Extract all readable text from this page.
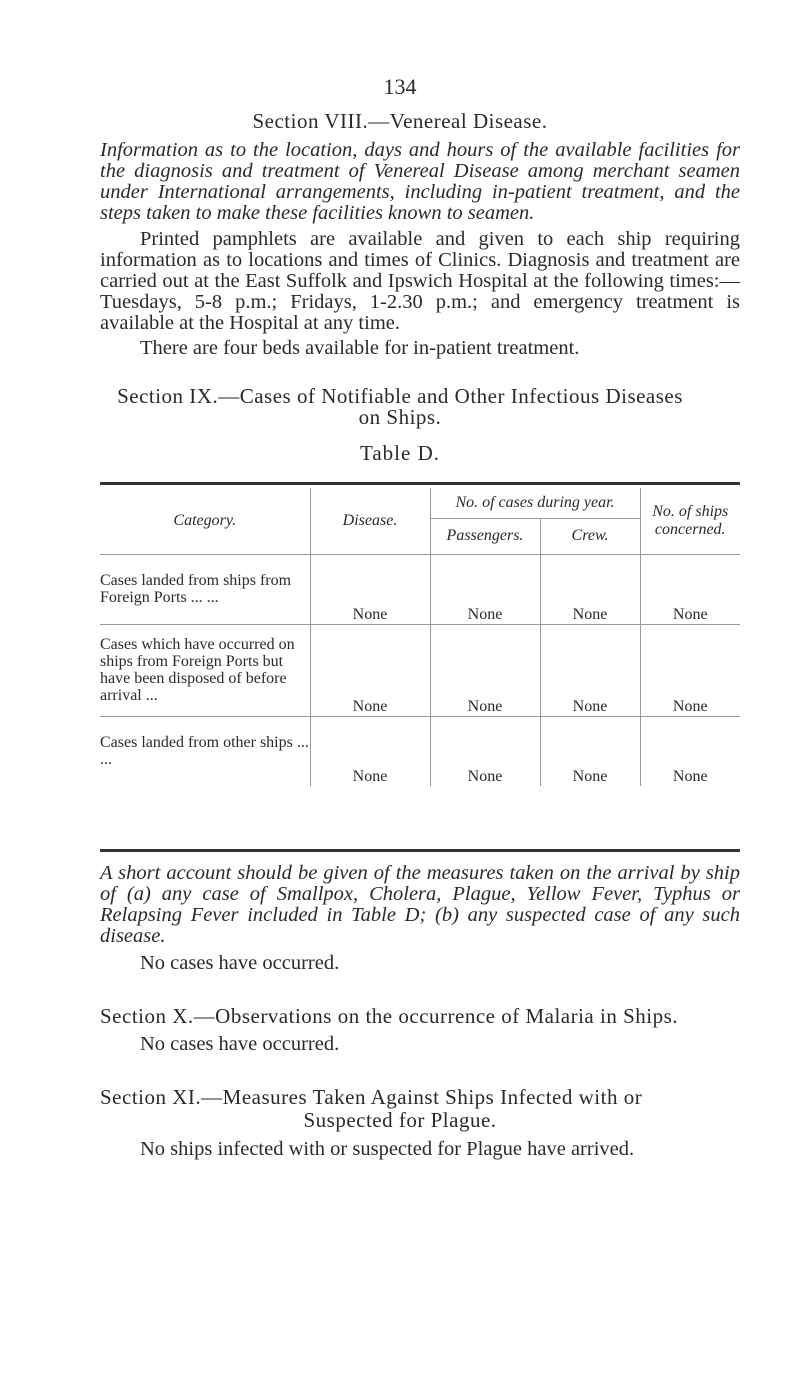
134
Section VIII.—Venereal Disease.
Information as to the location, days and hours of the available facilities for the diagnosis and treatment of Venereal Disease among merchant seamen under International arrangements, including in-patient treatment, and the steps taken to make these facilities known to seamen.
Printed pamphlets are available and given to each ship requiring information as to locations and times of Clinics. Diagnosis and treatment are carried out at the East Suffolk and Ipswich Hospital at the following times:—Tuesdays, 5-8 p.m.; Fridays, 1-2.30 p.m.; and emergency treatment is available at the Hospital at any time.
There are four beds available for in-patient treatment.
Section IX.—Cases of Notifiable and Other Infectious Diseases
on Ships.
Table D.
Category.	Disease.	No. of cases during year.		No. of ships concerned.
		Passengers.	Crew.	
Cases landed from ships from Foreign Ports ... ...	None	None	None	None
Cases which have occurred on ships from Foreign Ports but have been disposed of before arrival ...	None	None	None	None
Cases landed from other ships ... ...	None	None	None	None
A short account should be given of the measures taken on the arrival by ship of (a) any case of Smallpox, Cholera, Plague, Yellow Fever, Typhus or Relapsing Fever included in Table D; (b) any suspected case of any such disease.
No cases have occurred.
Section X.—Observations on the occurrence of Malaria in Ships.
No cases have occurred.
Section XI.—Measures Taken Against Ships Infected with or
Suspected for Plague.
No ships infected with or suspected for Plague have arrived.
